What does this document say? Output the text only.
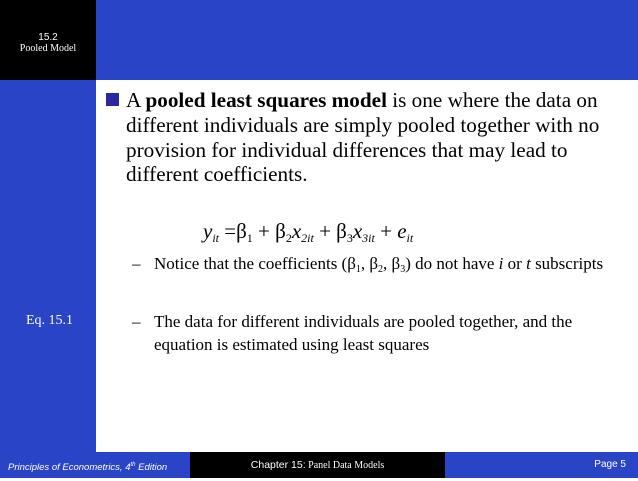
15.2
Pooled Model
Eq. 15.1
A pooled least squares model is one where the data on different individuals are simply pooled together with no provision for individual differences that may lead to different coefficients.
$y_{it} =\beta_1 + \beta_2x_{2it} + \beta_3x_{3it} + e_{it}$
– Notice that the coefficients ($\beta_1$, $\beta_2$, $\beta_3$) do not have i or t subscripts
– The data for different individuals are pooled together, and the equation is estimated using least squares
Principles of Econometrics, 4th Edition	Chapter 15: Panel Data Models	Page 5
